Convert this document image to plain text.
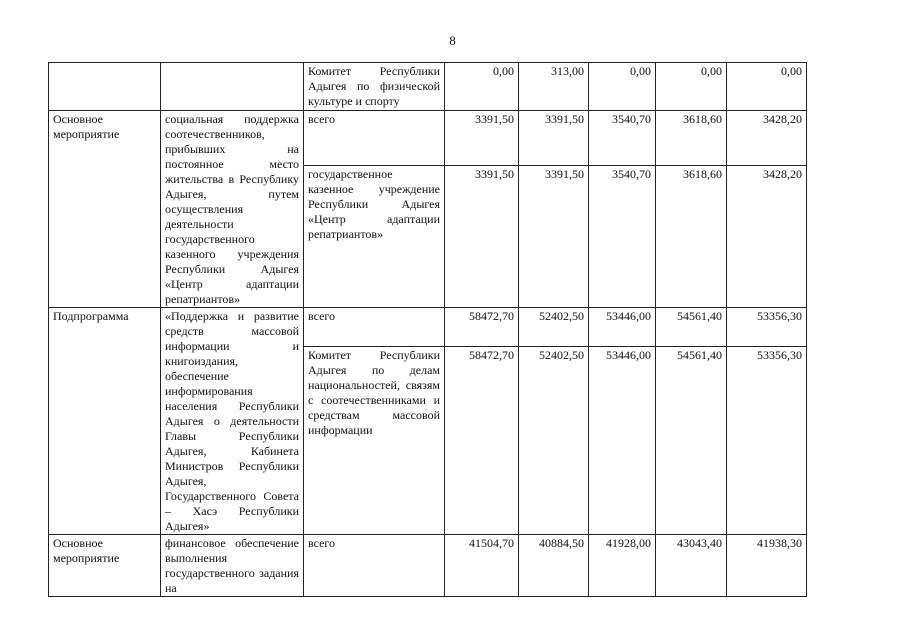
8
		Комитет Республики Адыгея по физической культуре и спорту	0,00	313,00	0,00	0,00	0,00
Основное мероприятие	социальная поддержка соотечественников, прибывших на постоянное место жительства в Республику Адыгея, путем осуществления деятельности государственного казенного учреждения Республики Адыгея «Центр адаптации репатриантов»	всего	3391,50	3391,50	3540,70	3618,60	3428,20
		государственное казенное учреждение Республики Адыгея «Центр адаптации репатриантов»	3391,50	3391,50	3540,70	3618,60	3428,20
Подпрограмма	«Поддержка и развитие средств массовой информации и книгоиздания, обеспечение информирования населения Республики Адыгея о деятельности Главы Республики Адыгея, Кабинета Министров Республики Адыгея, Государственного Совета – Хасэ Республики Адыгея»	всего	58472,70	52402,50	53446,00	54561,40	53356,30
		Комитет Республики Адыгея по делам национальностей, связям с соотечественниками и средствам массовой информации	58472,70	52402,50	53446,00	54561,40	53356,30
Основное мероприятие	финансовое обеспечение выполнения государственного задания на	всего	41504,70	40884,50	41928,00	43043,40	41938,30
